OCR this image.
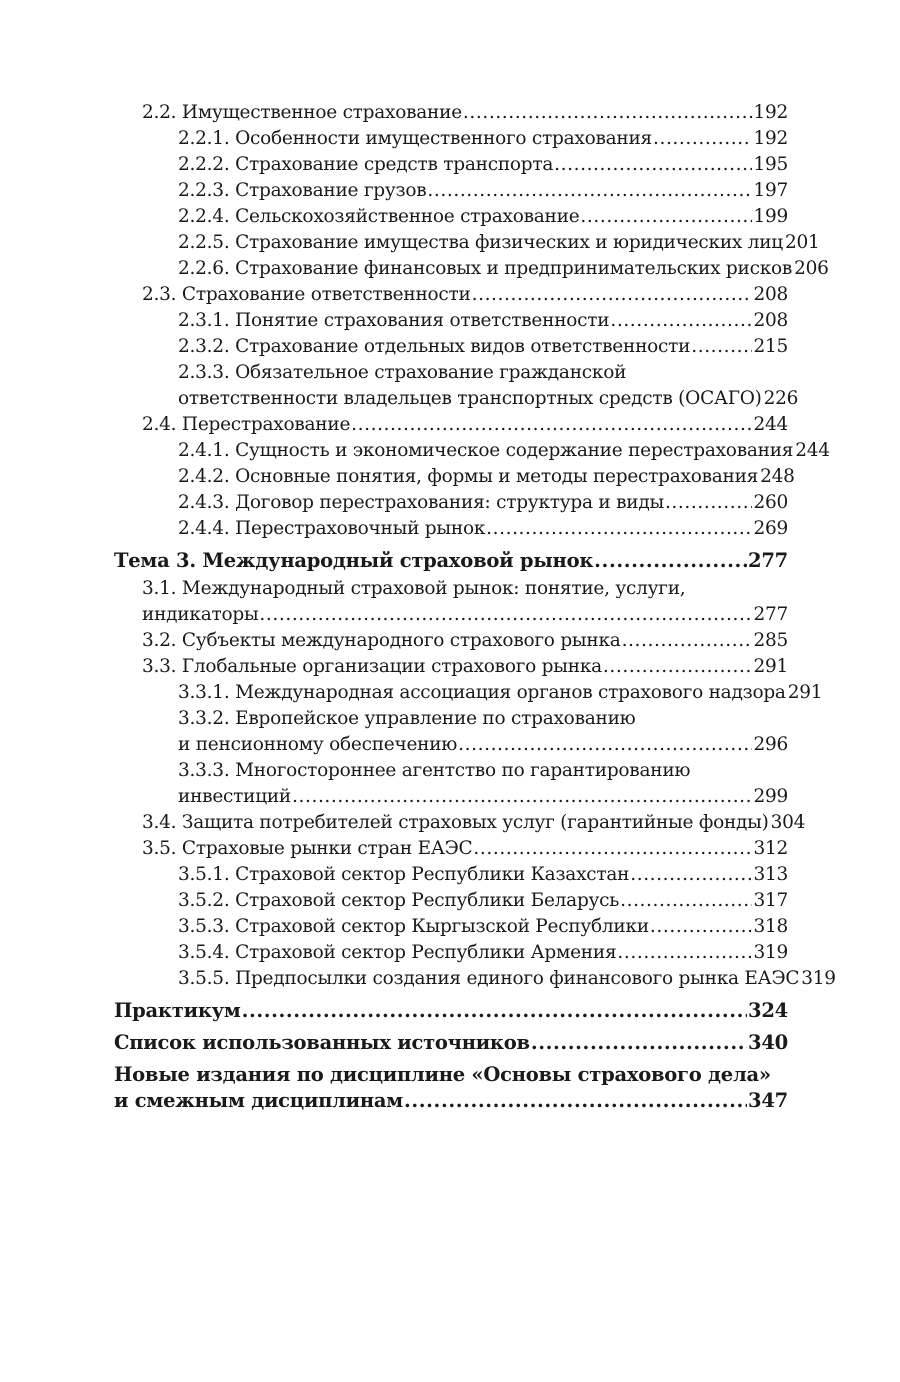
2.2. Имущественное страхование .....	192
2.2.1. Особенности имущественного страхования .....	192
2.2.2. Страхование средств транспорта .....	195
2.2.3. Страхование грузов .....	197
2.2.4. Сельскохозяйственное страхование .....	199
2.2.5. Страхование имущества физических и юридических лиц 201
2.2.6. Страхование финансовых и предпринимательских рисков 206
2.3. Страхование ответственности .....	208
2.3.1. Понятие страхования ответственности .....	208
2.3.2. Страхование отдельных видов ответственности .....	215
2.3.3. Обязательное страхование гражданской
ответственности владельцев транспортных средств (ОСАГО) 226
2.4. Перестрахование .....	244
2.4.1. Сущность и экономическое содержание перестрахования 244
2.4.2. Основные понятия, формы и методы перестрахования 248
2.4.3. Договор перестрахования: структура и виды .....	260
2.4.4. Перестраховочный рынок .....	269
Тема 3. Международный страховой рынок .....	277
3.1. Международный страховой рынок: понятие, услуги,
индикаторы .....	277
3.2. Субъекты международного страхового рынка .....	285
3.3. Глобальные организации страхового рынка .....	291
3.3.1. Международная ассоциация органов страхового надзора 291
3.3.2. Европейское управление по страхованию
и пенсионному обеспечению .....	296
3.3.3. Многостороннее агентство по гарантированию
инвестиций .....	299
3.4. Защита потребителей страховых услуг (гарантийные фонды) 304
3.5. Страховые рынки стран ЕАЭС .....	312
3.5.1. Страховой сектор Республики Казахстан .....	313
3.5.2. Страховой сектор Республики Беларусь .....	317
3.5.3. Страховой сектор Кыргызской Республики .....	318
3.5.4. Страховой сектор Республики Армения .....	319
3.5.5. Предпосылки создания единого финансового рынка ЕАЭС 319
Практикум .....	324
Список использованных источников .....	340
Новые издания по дисциплине «Основы страхового дела»
и смежным дисциплинам .....	347
